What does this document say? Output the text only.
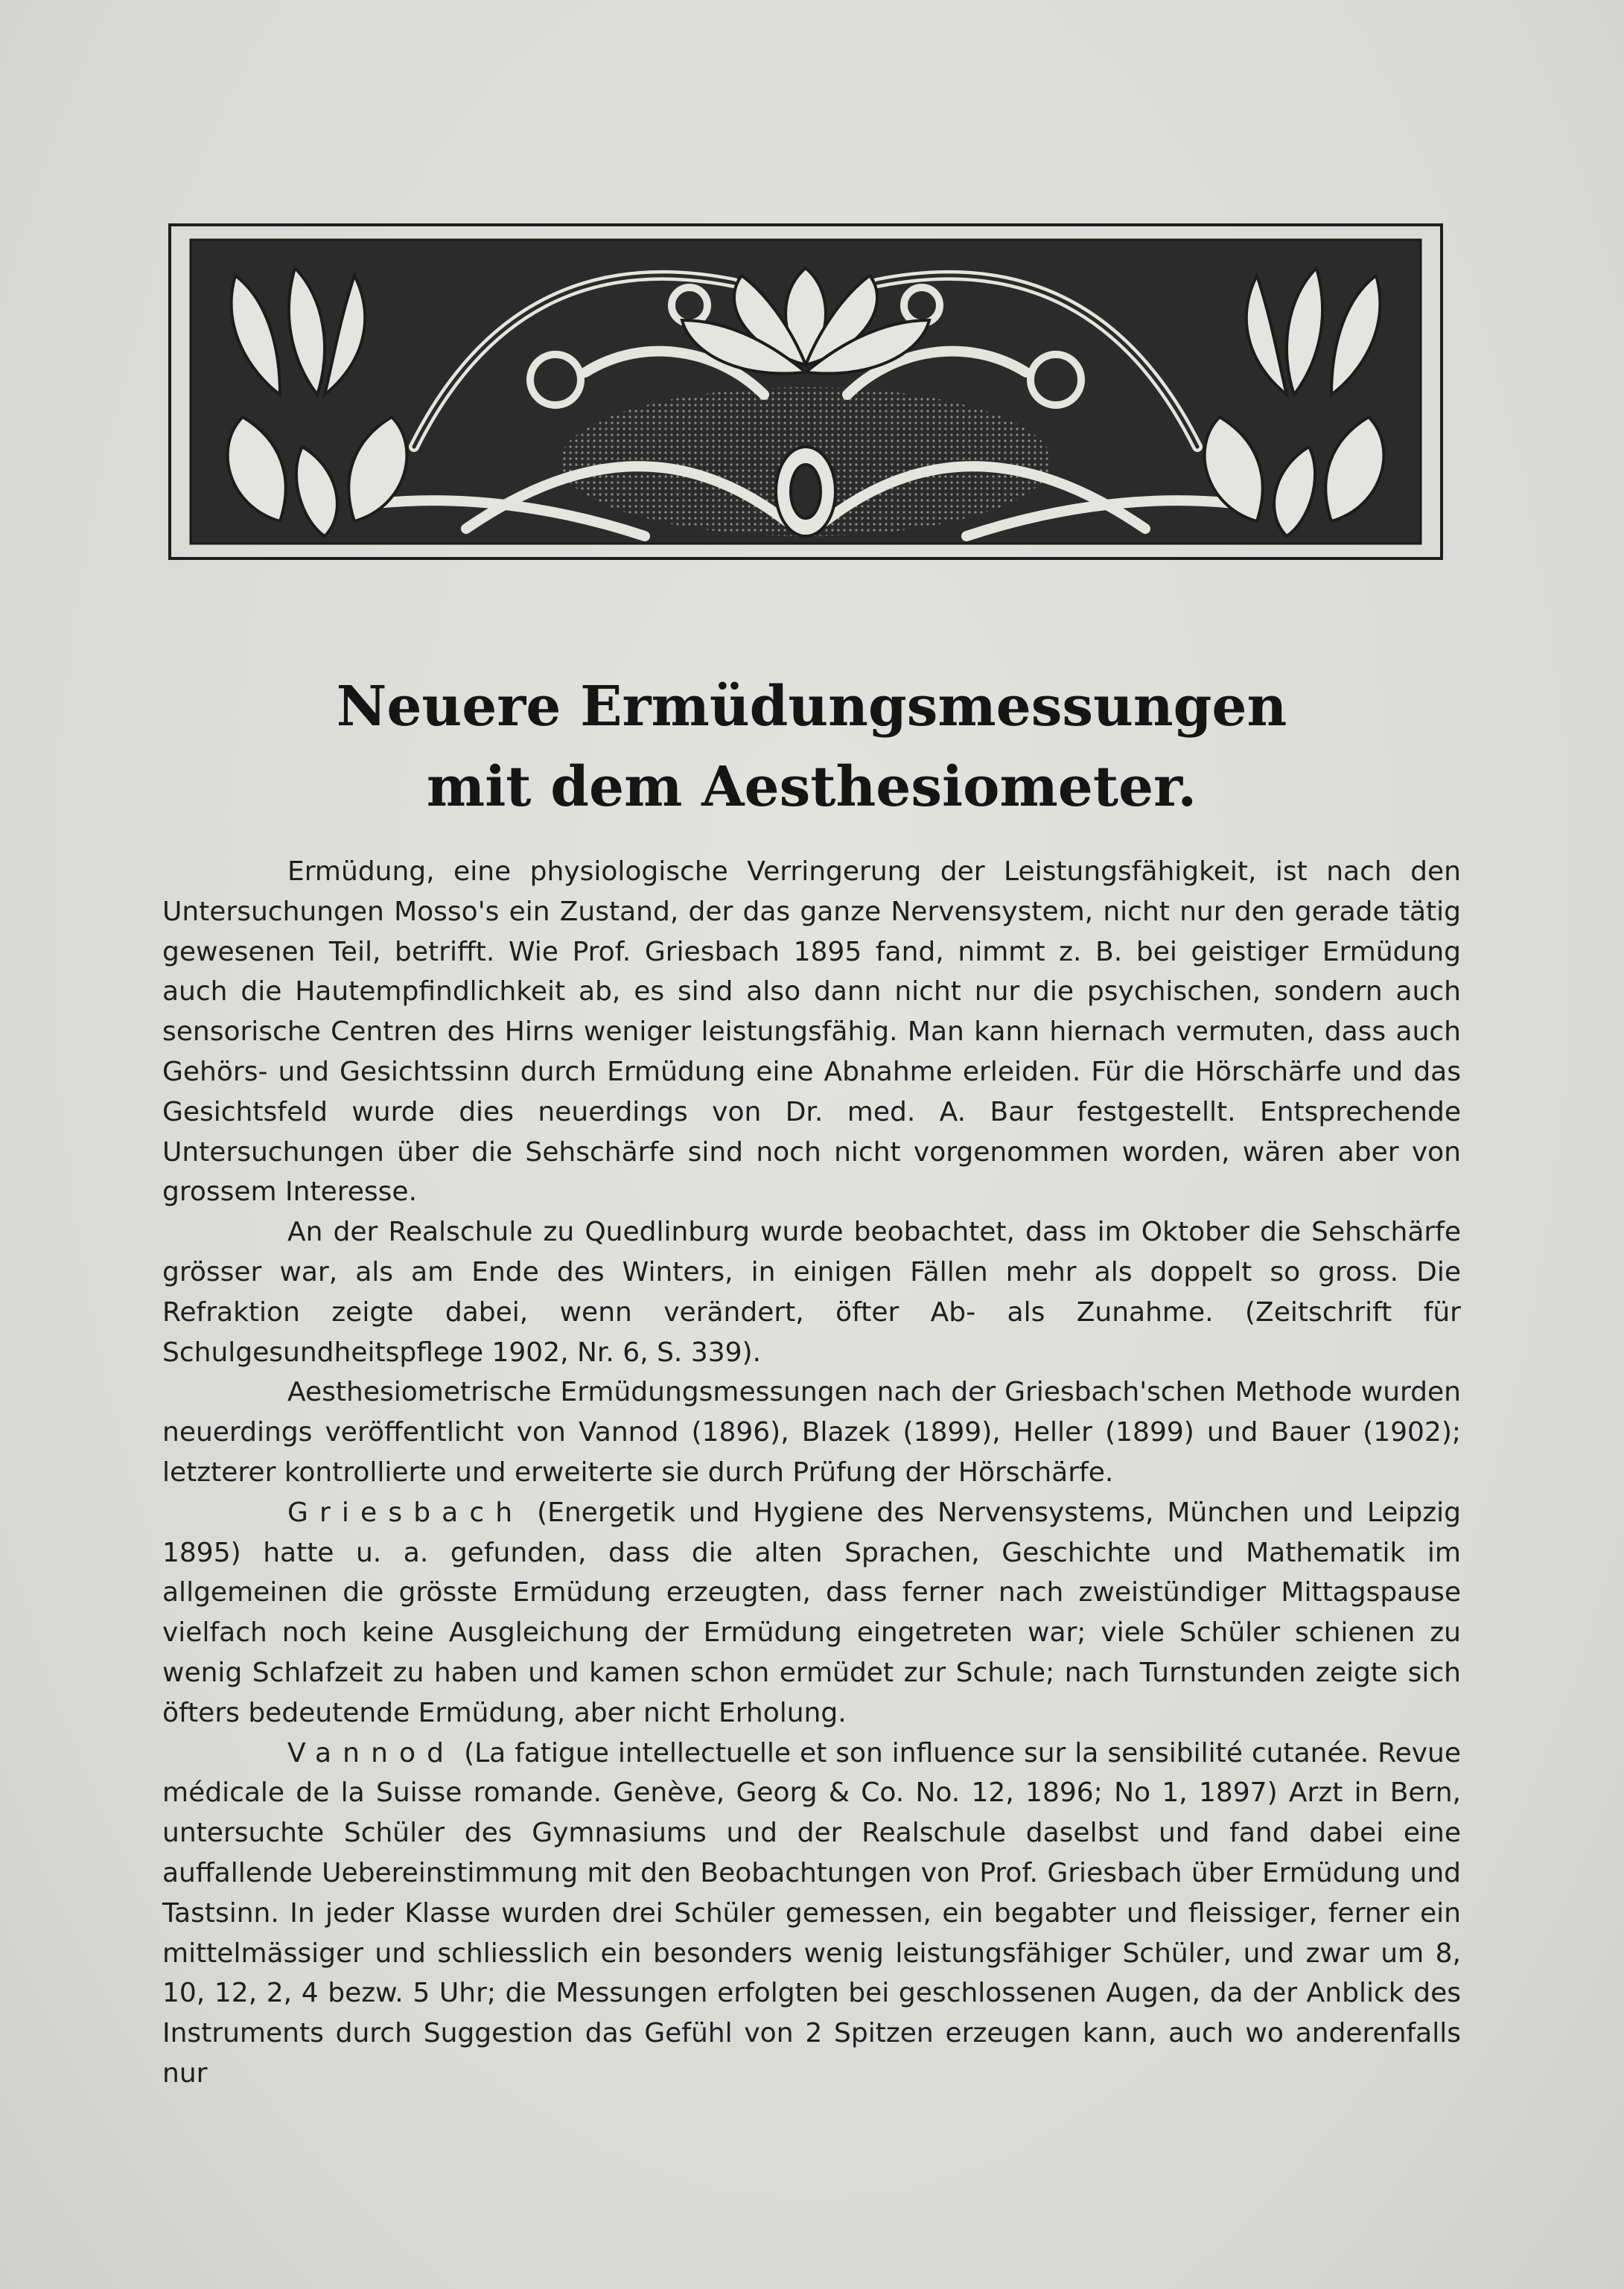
Neuere Ermüdungsmessungen
mit dem Aesthesiometer.

Ermüdung, eine physiologische Verringerung der Leistungsfähigkeit, ist nach den Untersuchungen Mosso's ein Zustand, der das ganze Nervensystem, nicht nur den gerade tätig gewesenen Teil, betrifft. Wie Prof. Griesbach 1895 fand, nimmt z. B. bei geistiger Ermüdung auch die Hautempfindlichkeit ab, es sind also dann nicht nur die psychischen, sondern auch sensorische Centren des Hirns weniger leistungsfähig. Man kann hiernach vermuten, dass auch Gehörs- und Gesichtssinn durch Ermüdung eine Abnahme erleiden. Für die Hörschärfe und das Gesichtsfeld wurde dies neuerdings von Dr. med. A. Baur festgestellt. Entsprechende Untersuchungen über die Sehschärfe sind noch nicht vorgenommen worden, wären aber von grossem Interesse.

An der Realschule zu Quedlinburg wurde beobachtet, dass im Oktober die Sehschärfe grösser war, als am Ende des Winters, in einigen Fällen mehr als doppelt so gross. Die Refraktion zeigte dabei, wenn verändert, öfter Ab- als Zunahme. (Zeitschrift für Schulgesundheitspflege 1902, Nr. 6, S. 339).

Aesthesiometrische Ermüdungsmessungen nach der Griesbach'schen Methode wurden neuerdings veröffentlicht von Vannod (1896), Blazek (1899), Heller (1899) und Bauer (1902); letzterer kontrollierte und erweiterte sie durch Prüfung der Hörschärfe.

Griesbach (Energetik und Hygiene des Nervensystems, München und Leipzig 1895) hatte u. a. gefunden, dass die alten Sprachen, Geschichte und Mathematik im allgemeinen die grösste Ermüdung erzeugten, dass ferner nach zweistündiger Mittagspause vielfach noch keine Ausgleichung der Ermüdung eingetreten war; viele Schüler schienen zu wenig Schlafzeit zu haben und kamen schon ermüdet zur Schule; nach Turnstunden zeigte sich öfters bedeutende Ermüdung, aber nicht Erholung.

Vannod (La fatigue intellectuelle et son influence sur la sensibilité cutanée. Revue médicale de la Suisse romande. Genève, Georg & Co. No. 12, 1896; No 1, 1897) Arzt in Bern, untersuchte Schüler des Gymnasiums und der Realschule daselbst und fand dabei eine auffallende Uebereinstimmung mit den Beobachtungen von Prof. Griesbach über Ermüdung und Tastsinn. In jeder Klasse wurden drei Schüler gemessen, ein begabter und fleissiger, ferner ein mittelmässiger und schliesslich ein besonders wenig leistungsfähiger Schüler, und zwar um 8, 10, 12, 2, 4 bezw. 5 Uhr; die Messungen erfolgten bei geschlossenen Augen, da der Anblick des Instruments durch Suggestion das Gefühl von 2 Spitzen erzeugen kann, auch wo anderenfalls nur
